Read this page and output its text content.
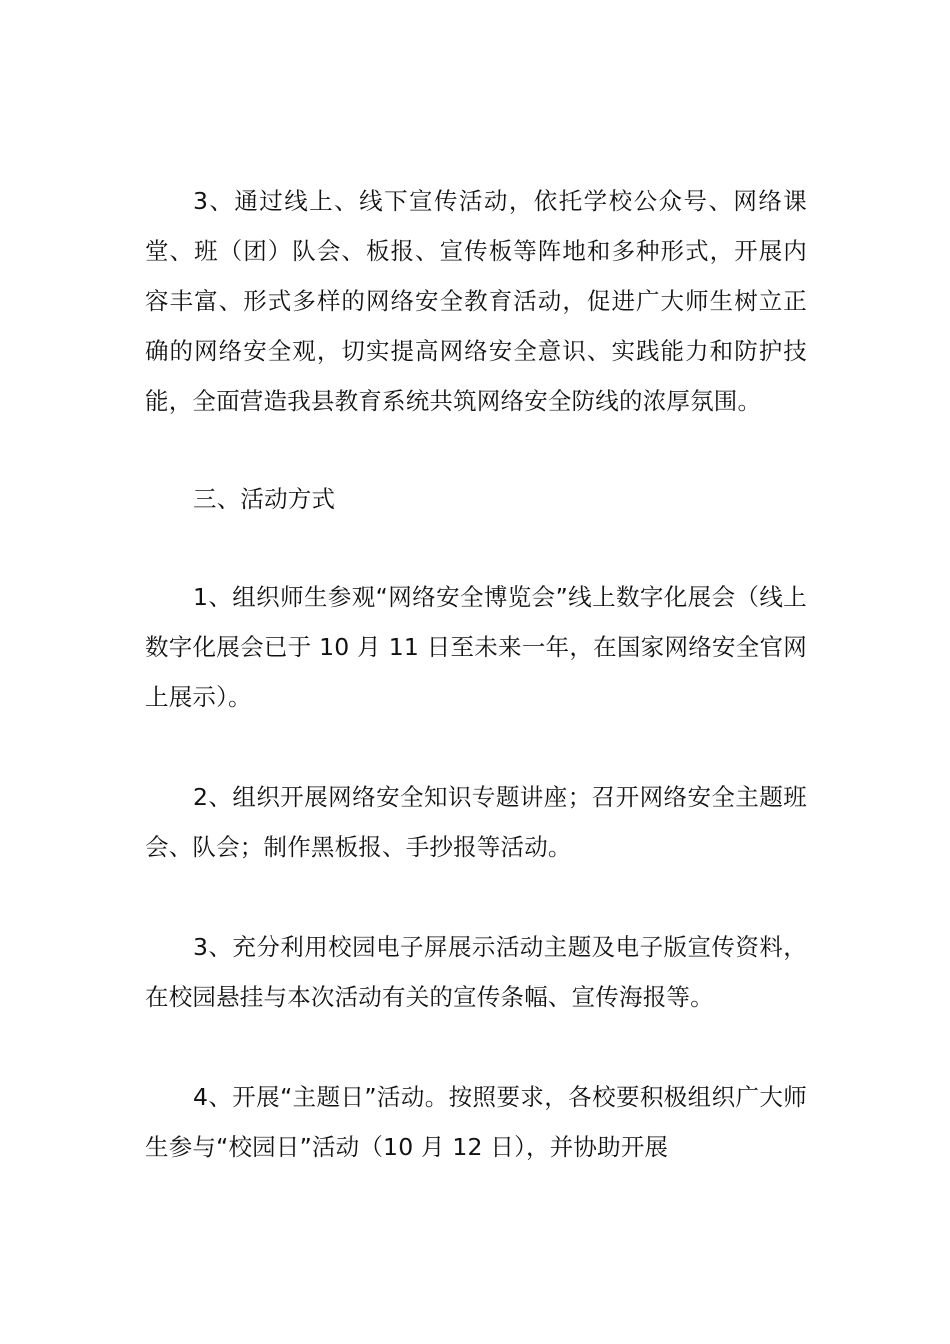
3、通过线上、线下宣传活动，依托学校公众号、网络课堂、班（团）队会、板报、宣传板等阵地和多种形式，开展内容丰富、形式多样的网络安全教育活动，促进广大师生树立正确的网络安全观，切实提高网络安全意识、实践能力和防护技能，全面营造我县教育系统共筑网络安全防线的浓厚氛围。

三、活动方式

1、组织师生参观“网络安全博览会”线上数字化展会（线上数字化展会已于 10 月 11 日至未来一年，在国家网络安全官网上展示）。

2、组织开展网络安全知识专题讲座；召开网络安全主题班会、队会；制作黑板报、手抄报等活动。

3、充分利用校园电子屏展示活动主题及电子版宣传资料，在校园悬挂与本次活动有关的宣传条幅、宣传海报等。

4、开展“主题日”活动。按照要求，各校要积极组织广大师生参与“校园日”活动（10 月 12 日），并协助开展
